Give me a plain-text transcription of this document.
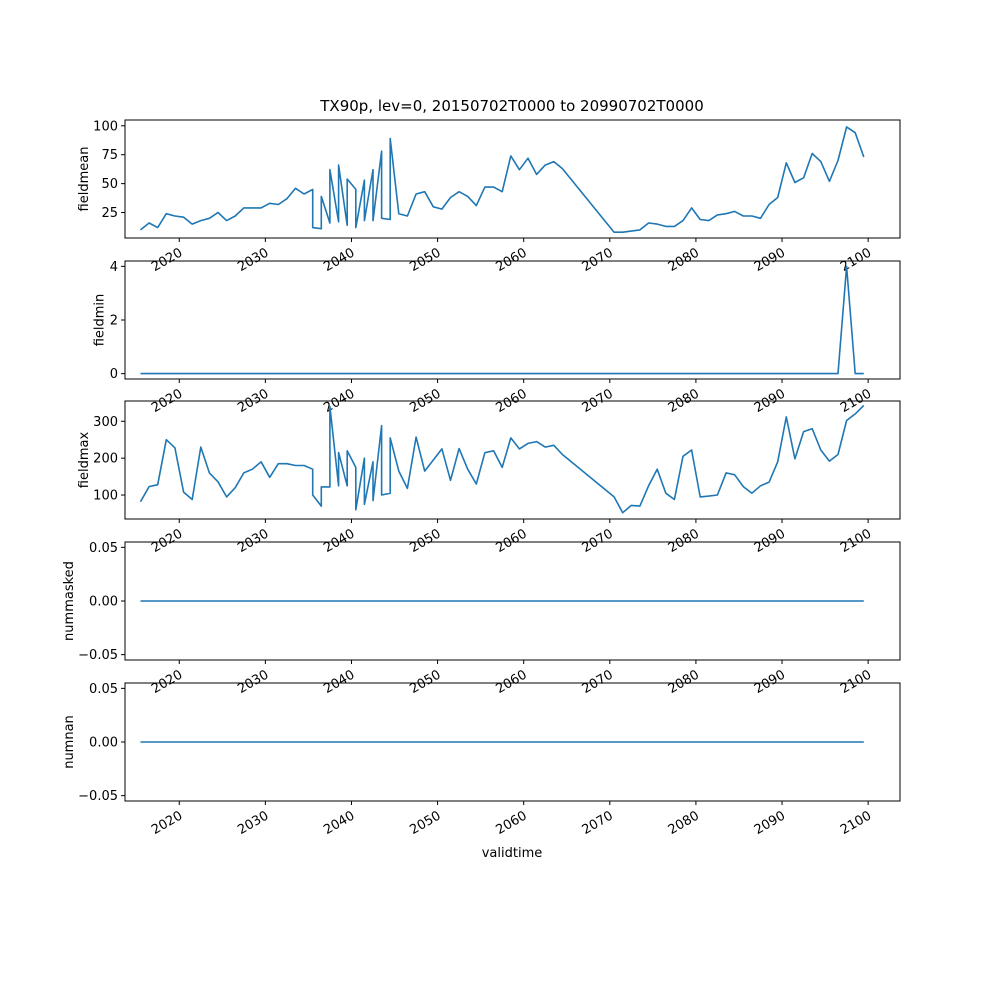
TX90p, lev=0, 20150702T0000 to 20990702T0000
25
50
75
100
2020	2030	2040	2050	2060	2070	2080	2090	2100
fieldmean
0
2
4
2020	2030	2040	2050	2060	2070	2080	2090	2100
fieldmin
100
200
300
2020	2030	2040	2050	2060	2070	2080	2090	2100
fieldmax
−0.05
0.00
0.05
2020	2030	2040	2050	2060	2070	2080	2090	2100
nummasked
−0.05
0.00
0.05
2020	2030	2040	2050	2060	2070	2080	2090	2100
numnan
validtime
